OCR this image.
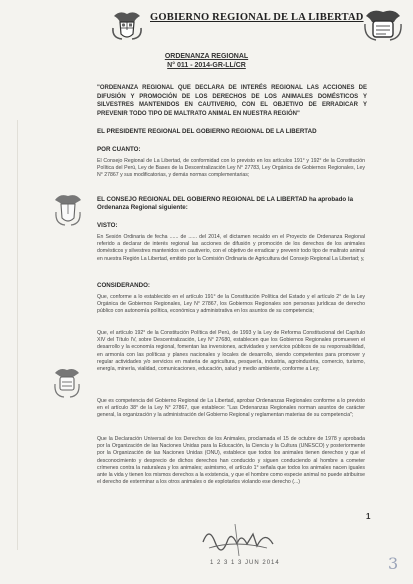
GOBIERNO REGIONAL DE LA LIBERTAD
ORDENANZA REGIONAL
N° 011 - 2014-GR-LL/CR
"ORDENANZA REGIONAL QUE DECLARA DE INTERÉS REGIONAL LAS ACCIONES DE DIFUSIÓN Y PROMOCIÓN DE LOS DERECHOS DE LOS ANIMALES DOMÉSTICOS Y SILVESTRES MANTENIDOS EN CAUTIVERIO, CON EL OBJETIVO DE ERRADICAR Y PREVENIR TODO TIPO DE MALTRATO ANIMAL EN NUESTRA REGIÓN"
EL PRESIDENTE REGIONAL DEL GOBIERNO REGIONAL DE LA LIBERTAD
POR CUANTO:
El Consejo Regional de La Libertad, de conformidad con lo previsto en los artículos 191° y 192° de la Constitución Política del Perú, Ley de Bases de la Descentralización Ley N° 27783, Ley Orgánica de Gobiernos Regionales, Ley N° 27867 y sus modificatorias, y demás normas complementarias;
EL CONSEJO REGIONAL DEL GOBIERNO REGIONAL DE LA LIBERTAD ha aprobado la Ordenanza Regional siguiente:
VISTO:
En Sesión Ordinaria de fecha ...... de ...... del 2014, el dictamen recaído en el Proyecto de Ordenanza Regional referido a declarar de interés regional las acciones de difusión y promoción de los derechos de los animales domésticos y silvestres mantenidos en cautiverio, con el objetivo de erradicar y prevenir todo tipo de maltrato animal en nuestra Región La Libertad, emitido por la Comisión Ordinaria de Agricultura del Consejo Regional La Libertad; y,
CONSIDERANDO:
Que, conforme a lo establecido en el artículo 191° de la Constitución Política del Estado y el artículo 2° de la Ley Orgánica de Gobiernos Regionales, Ley N° 27867, los Gobiernos Regionales son personas jurídicas de derecho público con autonomía política, económica y administrativa en los asuntos de su competencia;
Que, el artículo 192° de la Constitución Política del Perú, de 1993 y la Ley de Reforma Constitucional del Capítulo XIV del Título IV, sobre Descentralización, Ley N° 27680, establecen que los Gobiernos Regionales promueven el desarrollo y la economía regional, fomentan las inversiones, actividades y servicios públicos de su responsabilidad, en armonía con las políticas y planes nacionales y locales de desarrollo, siendo competentes para promover y regular actividades y/o servicios en materia de agricultura, pesquería, industria, agroindustria, comercio, turismo, energía, minería, vialidad, comunicaciones, educación, salud y medio ambiente, conforme a Ley;
Que es competencia del Gobierno Regional de La Libertad, aprobar Ordenanzas Regionales conforme a lo previsto en el artículo 38° de la Ley N° 27867, que establece: "Las Ordenanzas Regionales norman asuntos de carácter general, la organización y la administración del Gobierno Regional y reglamentan materias de su competencia";
Que la Declaración Universal de los Derechos de los Animales, proclamada el 15 de octubre de 1978 y aprobada por la Organización de las Naciones Unidas para la Educación, la Ciencia y la Cultura (UNESCO) y posteriormente por la Organización de las Naciones Unidas (ONU), establece que todos los animales tienen derechos y que el desconocimiento y desprecio de dichos derechos han conducido y siguen conduciendo al hombre a cometer crímenes contra la naturaleza y los animales; asimismo, el artículo 1° señala que todos los animales nacen iguales ante la vida y tienen los mismos derechos a la existencia, y que el hombre como especie animal no puede atribuirse el derecho de exterminar a los otros animales o de explotarlos violando ese derecho (...)
1 2 3 1 3 JUN 2014
1
3
